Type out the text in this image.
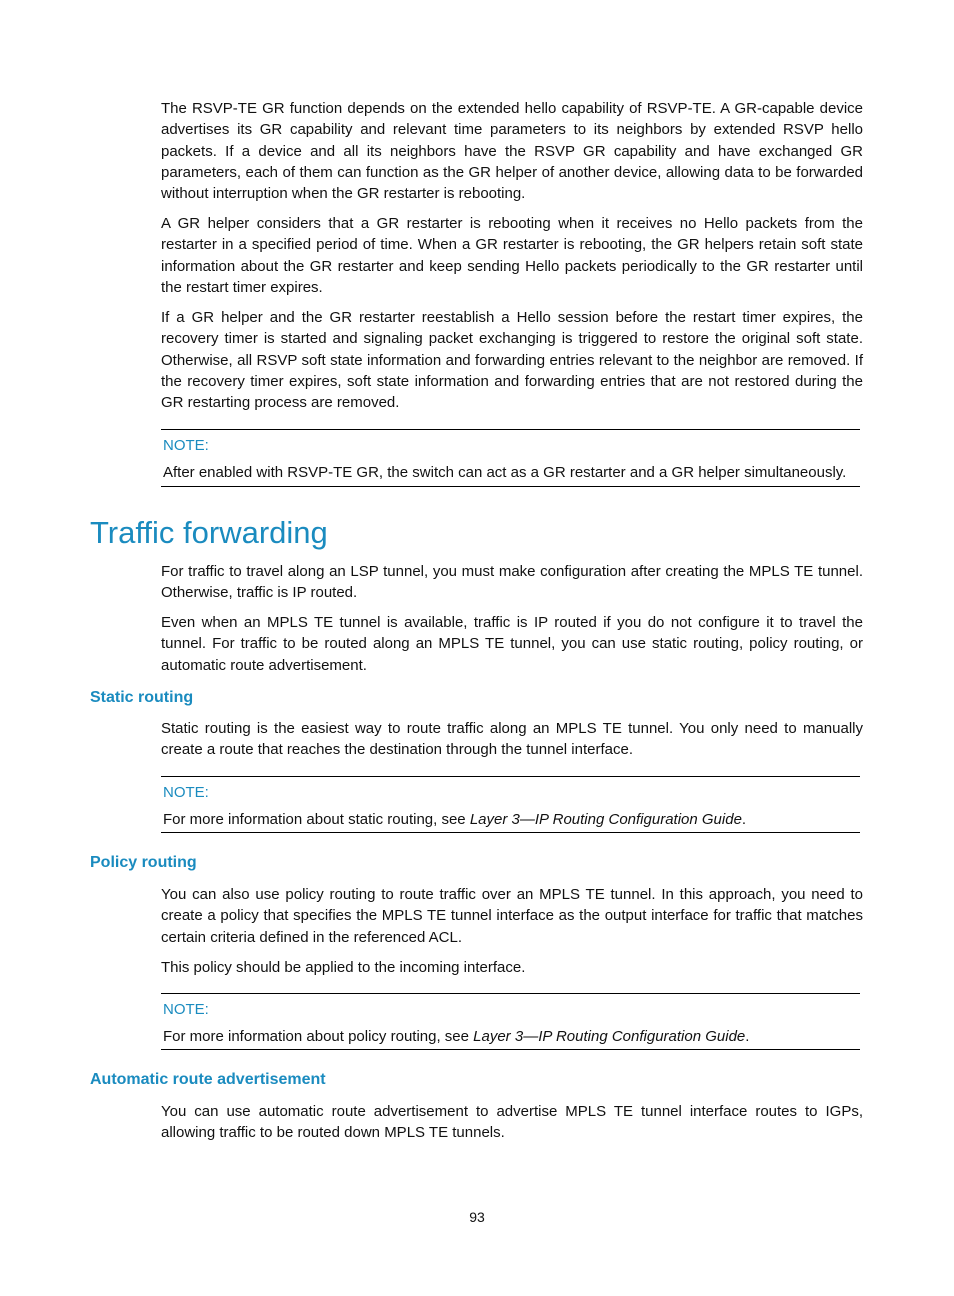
The RSVP-TE GR function depends on the extended hello capability of RSVP-TE. A GR-capable device advertises its GR capability and relevant time parameters to its neighbors by extended RSVP hello packets. If a device and all its neighbors have the RSVP GR capability and have exchanged GR parameters, each of them can function as the GR helper of another device, allowing data to be forwarded without interruption when the GR restarter is rebooting.

A GR helper considers that a GR restarter is rebooting when it receives no Hello packets from the restarter in a specified period of time. When a GR restarter is rebooting, the GR helpers retain soft state information about the GR restarter and keep sending Hello packets periodically to the GR restarter until the restart timer expires.

If a GR helper and the GR restarter reestablish a Hello session before the restart timer expires, the recovery timer is started and signaling packet exchanging is triggered to restore the original soft state. Otherwise, all RSVP soft state information and forwarding entries relevant to the neighbor are removed. If the recovery timer expires, soft state information and forwarding entries that are not restored during the GR restarting process are removed.

NOTE:
After enabled with RSVP-TE GR, the switch can act as a GR restarter and a GR helper simultaneously.
Traffic forwarding

For traffic to travel along an LSP tunnel, you must make configuration after creating the MPLS TE tunnel. Otherwise, traffic is IP routed.

Even when an MPLS TE tunnel is available, traffic is IP routed if you do not configure it to travel the tunnel. For traffic to be routed along an MPLS TE tunnel, you can use static routing, policy routing, or automatic route advertisement.

Static routing

Static routing is the easiest way to route traffic along an MPLS TE tunnel. You only need to manually create a route that reaches the destination through the tunnel interface.

NOTE:
For more information about static routing, see Layer 3—IP Routing Configuration Guide.
Policy routing

You can also use policy routing to route traffic over an MPLS TE tunnel. In this approach, you need to create a policy that specifies the MPLS TE tunnel interface as the output interface for traffic that matches certain criteria defined in the referenced ACL.

This policy should be applied to the incoming interface.

NOTE:
For more information about policy routing, see Layer 3—IP Routing Configuration Guide.
Automatic route advertisement

You can use automatic route advertisement to advertise MPLS TE tunnel interface routes to IGPs, allowing traffic to be routed down MPLS TE tunnels.

93
